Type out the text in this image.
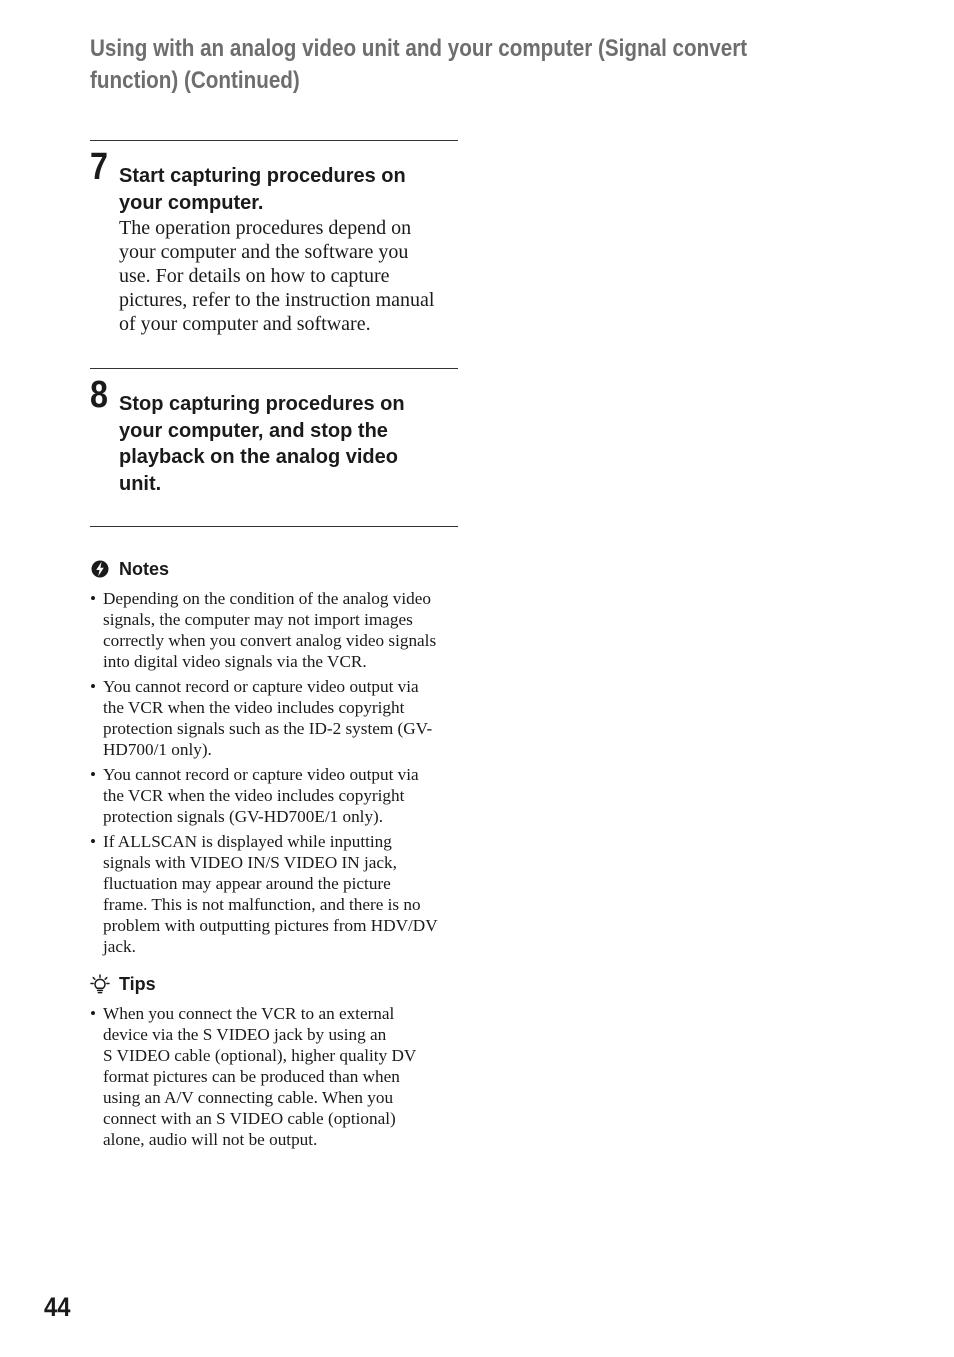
Using with an analog video unit and your computer (Signal convert
function) (Continued)
7 Start capturing procedures on
your computer.
The operation procedures depend on
your computer and the software you
use. For details on how to capture
pictures, refer to the instruction manual
of your computer and software.
8 Stop capturing procedures on
your computer, and stop the
playback on the analog video
unit.
Notes
• Depending on the condition of the analog video
signals, the computer may not import images
correctly when you convert analog video signals
into digital video signals via the VCR.
• You cannot record or capture video output via
the VCR when the video includes copyright
protection signals such as the ID-2 system (GV-
HD700/1 only).
• You cannot record or capture video output via
the VCR when the video includes copyright
protection signals (GV-HD700E/1 only).
• If ALLSCAN is displayed while inputting
signals with VIDEO IN/S VIDEO IN jack,
fluctuation may appear around the picture
frame. This is not malfunction, and there is no
problem with outputting pictures from HDV/DV
jack.
Tips
• When you connect the VCR to an external
device via the S VIDEO jack by using an
S VIDEO cable (optional), higher quality DV
format pictures can be produced than when
using an A/V connecting cable. When you
connect with an S VIDEO cable (optional)
alone, audio will not be output.
44
